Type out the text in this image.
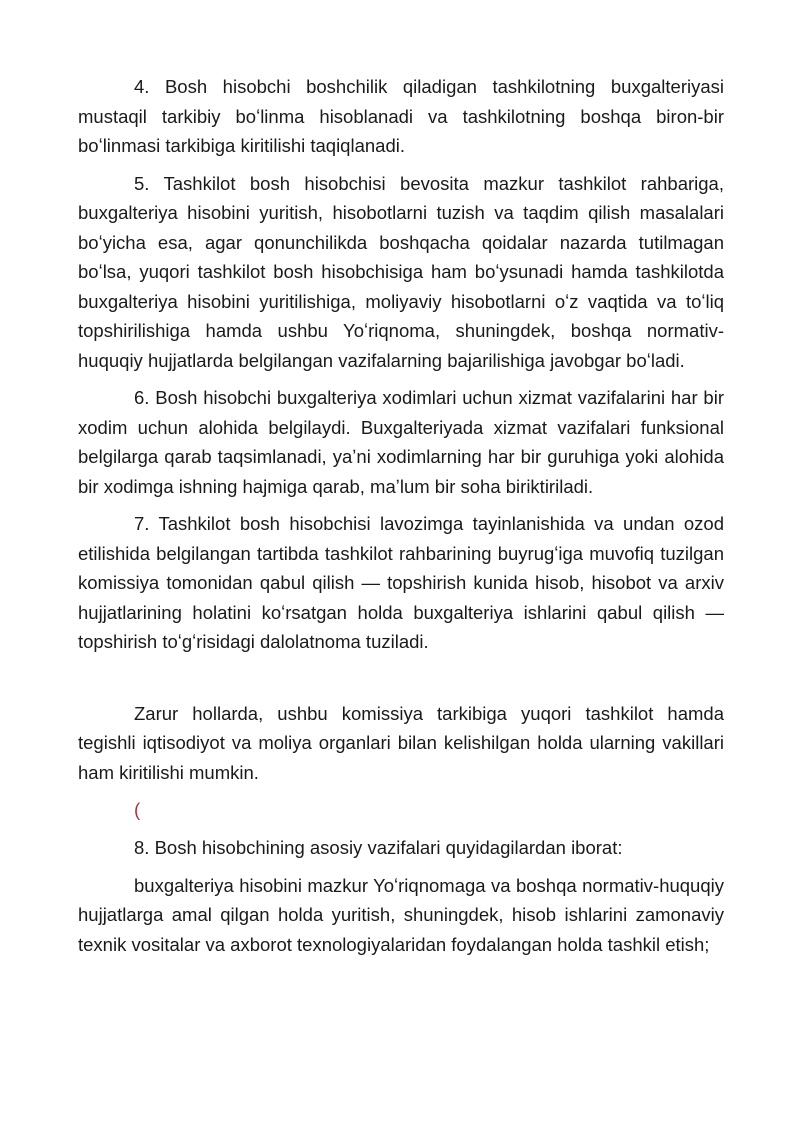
4. Bosh hisobchi boshchilik qiladigan tashkilotning buxgalteriyasi mustaqil tarkibiy boʻlinma hisoblanadi va tashkilotning boshqa biron-bir boʻlinmasi tarkibiga kiritilishi taqiqlanadi.

5. Tashkilot bosh hisobchisi bevosita mazkur tashkilot rahbariga, buxgalteriya hisobini yuritish, hisobotlarni tuzish va taqdim qilish masalalari boʻyicha esa, agar qonunchilikda boshqacha qoidalar nazarda tutilmagan boʻlsa, yuqori tashkilot bosh hisobchisiga ham boʻysunadi hamda tashkilotda buxgalteriya hisobini yuritilishiga, moliyaviy hisobotlarni oʻz vaqtida va toʻliq topshirilishiga hamda ushbu Yoʻriqnoma, shuningdek, boshqa normativ-huquqiy hujjatlarda belgilangan vazifalarning bajarilishiga javobgar boʻladi.

6. Bosh hisobchi buxgalteriya xodimlari uchun xizmat vazifalarini har bir xodim uchun alohida belgilaydi. Buxgalteriyada xizmat vazifalari funksional belgilarga qarab taqsimlanadi, yaʼni xodimlarning har bir guruhiga yoki alohida bir xodimga ishning hajmiga qarab, maʼlum bir soha biriktiriladi.

7. Tashkilot bosh hisobchisi lavozimga tayinlanishida va undan ozod etilishida belgilangan tartibda tashkilot rahbarining buyrugʻiga muvofiq tuzilgan komissiya tomonidan qabul qilish — topshirish kunida hisob, hisobot va arxiv hujjatlarining holatini koʻrsatgan holda buxgalteriya ishlarini qabul qilish — topshirish toʻgʻrisidagi dalolatnoma tuziladi.

Zarur hollarda, ushbu komissiya tarkibiga yuqori tashkilot hamda tegishli iqtisodiyot va moliya organlari bilan kelishilgan holda ularning vakillari ham kiritilishi mumkin.

(

8. Bosh hisobchining asosiy vazifalari quyidagilardan iborat:

buxgalteriya hisobini mazkur Yoʻriqnomaga va boshqa normativ-huquqiy hujjatlarga amal qilgan holda yuritish, shuningdek, hisob ishlarini zamonaviy texnik vositalar va axborot texnologiyalaridan foydalangan holda tashkil etish;
